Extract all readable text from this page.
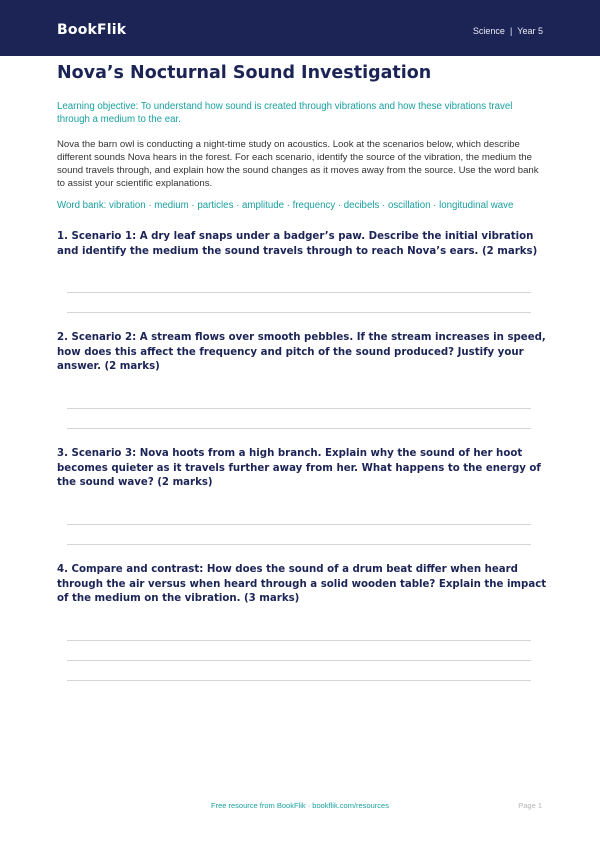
BookFlik	Science | Year 5
Nova’s Nocturnal Sound Investigation
Learning objective: To understand how sound is created through vibrations and how these vibrations travel through a medium to the ear.
Nova the barn owl is conducting a night-time study on acoustics. Look at the scenarios below, which describe different sounds Nova hears in the forest. For each scenario, identify the source of the vibration, the medium the sound travels through, and explain how the sound changes as it moves away from the source. Use the word bank to assist your scientific explanations.
Word bank: vibration · medium · particles · amplitude · frequency · decibels · oscillation · longitudinal wave
1. Scenario 1: A dry leaf snaps under a badger’s paw. Describe the initial vibration and identify the medium the sound travels through to reach Nova’s ears. (2 marks)
2. Scenario 2: A stream flows over smooth pebbles. If the stream increases in speed, how does this affect the frequency and pitch of the sound produced? Justify your answer. (2 marks)
3. Scenario 3: Nova hoots from a high branch. Explain why the sound of her hoot becomes quieter as it travels further away from her. What happens to the energy of the sound wave? (2 marks)
4. Compare and contrast: How does the sound of a drum beat differ when heard through the air versus when heard through a solid wooden table? Explain the impact of the medium on the vibration. (3 marks)
Free resource from BookFlik · bookflik.com/resources	Page 1
